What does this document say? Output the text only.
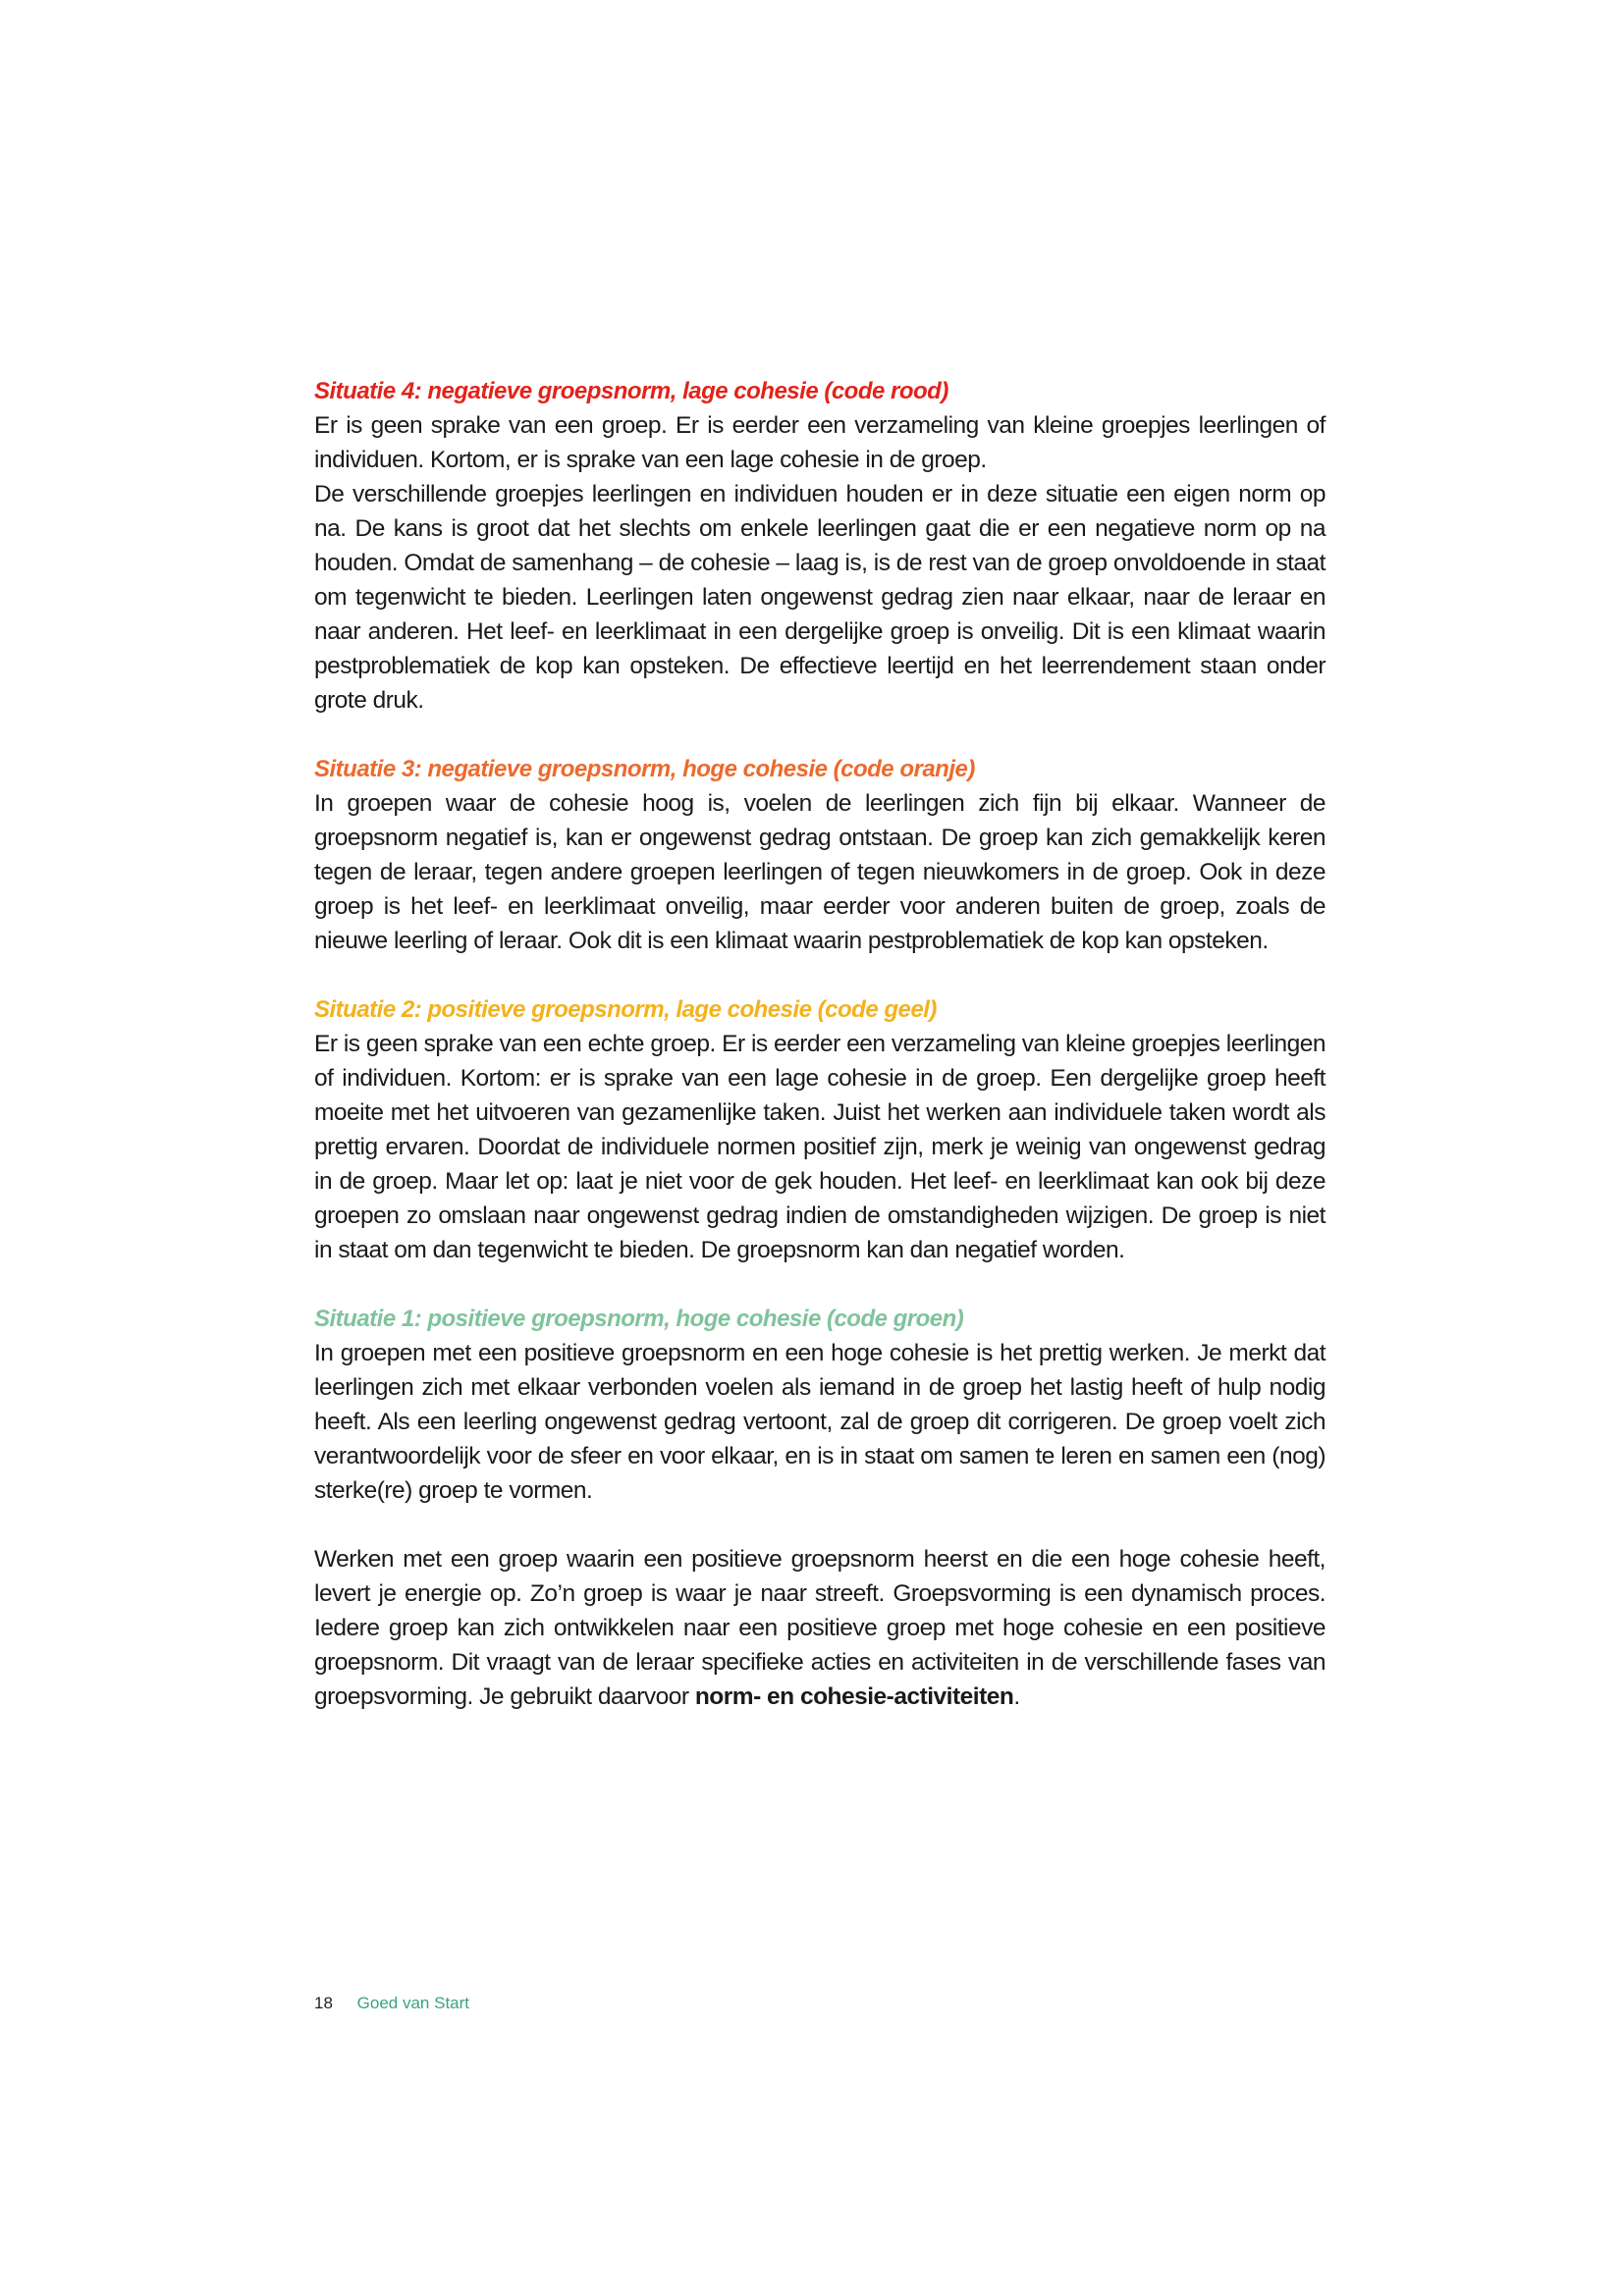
Situatie 4: negatieve groepsnorm, lage cohesie (code rood)

Er is geen sprake van een groep. Er is eerder een verzameling van kleine groepjes leerlingen of individuen. Kortom, er is sprake van een lage cohesie in de groep.

De verschillende groepjes leerlingen en individuen houden er in deze situatie een eigen norm op na. De kans is groot dat het slechts om enkele leerlingen gaat die er een negatieve norm op na houden. Omdat de samenhang – de cohesie – laag is, is de rest van de groep onvoldoende in staat om tegenwicht te bieden. Leerlingen laten ongewenst gedrag zien naar elkaar, naar de leraar en naar anderen. Het leef- en leerklimaat in een dergelijke groep is onveilig. Dit is een klimaat waarin pestproblematiek de kop kan opsteken. De effectieve leertijd en het leerrendement staan onder grote druk.

Situatie 3: negatieve groepsnorm, hoge cohesie (code oranje)

In groepen waar de cohesie hoog is, voelen de leerlingen zich fijn bij elkaar. Wanneer de groepsnorm negatief is, kan er ongewenst gedrag ontstaan. De groep kan zich gemakkelijk keren tegen de leraar, tegen andere groepen leerlingen of tegen nieuwkomers in de groep. Ook in deze groep is het leef- en leerklimaat onveilig, maar eerder voor anderen buiten de groep, zoals de nieuwe leerling of leraar. Ook dit is een klimaat waarin pestproblematiek de kop kan opsteken.

Situatie 2: positieve groepsnorm, lage cohesie (code geel)

Er is geen sprake van een echte groep. Er is eerder een verzameling van kleine groepjes leerlingen of individuen. Kortom: er is sprake van een lage cohesie in de groep. Een dergelijke groep heeft moeite met het uitvoeren van gezamenlijke taken. Juist het werken aan individuele taken wordt als prettig ervaren. Doordat de individuele normen positief zijn, merk je weinig van ongewenst gedrag in de groep. Maar let op: laat je niet voor de gek houden. Het leef- en leerklimaat kan ook bij deze groepen zo omslaan naar ongewenst gedrag indien de omstandigheden wijzigen. De groep is niet in staat om dan tegenwicht te bieden. De groepsnorm kan dan negatief worden.

Situatie 1: positieve groepsnorm, hoge cohesie (code groen)

In groepen met een positieve groepsnorm en een hoge cohesie is het prettig werken. Je merkt dat leerlingen zich met elkaar verbonden voelen als iemand in de groep het lastig heeft of hulp nodig heeft. Als een leerling ongewenst gedrag vertoont, zal de groep dit corrigeren. De groep voelt zich verantwoordelijk voor de sfeer en voor elkaar, en is in staat om samen te leren en samen een (nog) sterke(re) groep te vormen.

Werken met een groep waarin een positieve groepsnorm heerst en die een hoge cohesie heeft, levert je energie op. Zo’n groep is waar je naar streeft. Groepsvorming is een dynamisch proces. Iedere groep kan zich ontwikkelen naar een positieve groep met hoge cohesie en een positieve groepsnorm. Dit vraagt van de leraar specifieke acties en activiteiten in de verschillende fases van groepsvorming. Je gebruikt daarvoor norm- en cohesie-activiteiten.

18 Goed van Start
